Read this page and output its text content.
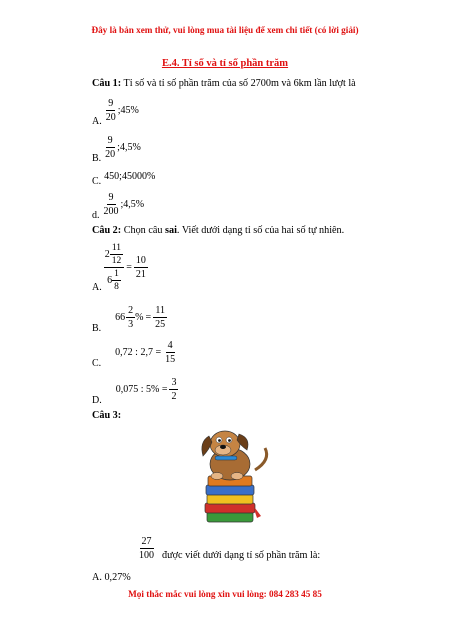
Đây là bản xem thử, vui lòng mua tài liệu để xem chi tiết (có lời giải)
E.4. Tỉ số và tỉ số phần trăm
Câu 1: Tỉ số và tỉ số phần trăm của số 2700m và 6km lần lượt là
A. $\frac{9}{20}$ ;45%
B. $\frac{9}{20}$ ;4,5%
C. 450;45000%
d. $\frac{9}{200}$ ;4,5%
Câu 2: Chọn câu sai. Viết dưới dạng tỉ số của hai số tự nhiên.
A. $\frac{2 \frac{11}{12}}{6 \frac{1}{8}} = \frac{10}{21}$
B.
$66 \frac{2}{3}$ % = $\frac{11}{25}$
C.
0,72 : $2,7 = \frac{4}{15}$
D.
0,075 : $5\% = \frac{3}{2}$
Câu 3:
$\frac{27}{100}$ được viết dưới dạng tỉ số phần trăm là:
A. 0,27%
Mọi thắc mắc vui lòng xin vui lòng: 084 283 45 85
